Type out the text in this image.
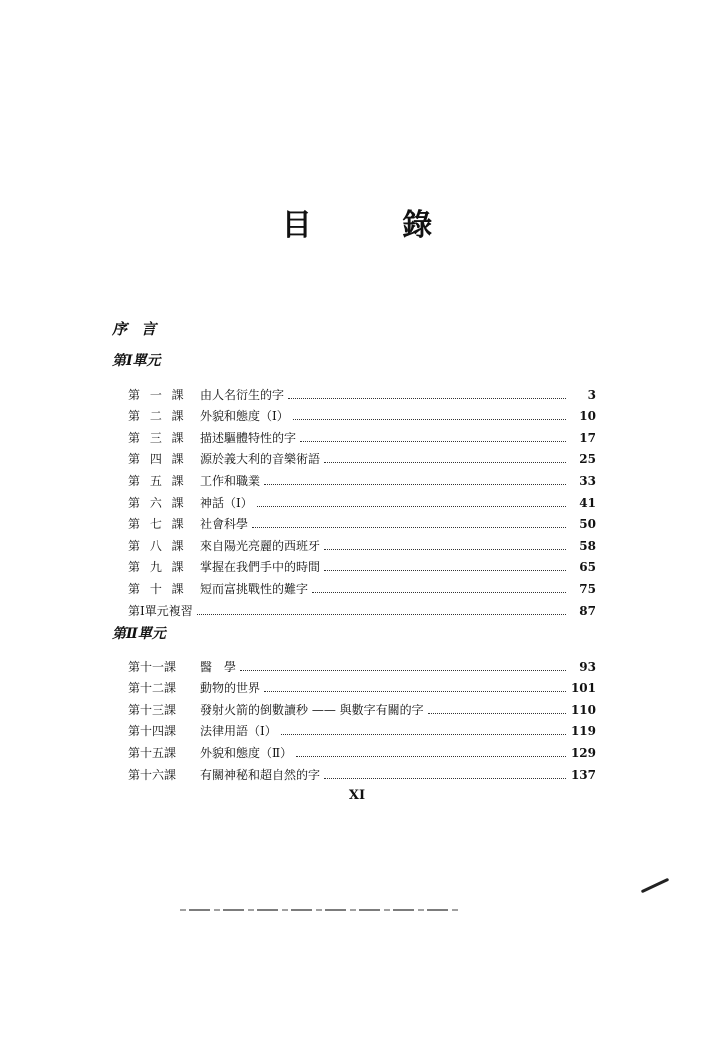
目 錄
序言
第Ⅰ單元
第 一 課	由人名衍生的字	3
第 二 課	外貌和態度（Ⅰ）	10
第 三 課	描述驅體特性的字	17
第 四 課	源於義大利的音樂術語	25
第 五 課	工作和職業	33
第 六 課	神話（Ⅰ）	41
第 七 課	社會科學	50
第 八 課	來自陽光亮麗的西班牙	58
第 九 課	掌握在我們手中的時間	65
第 十 課	短而富挑戰性的難字	75
第Ⅰ單元複習	87
第Ⅱ單元
第十一課	醫　學	93
第十二課	動物的世界	101
第十三課	發射火箭的倒數讀秒 —— 與數字有關的字	110
第十四課	法律用語（Ⅰ）	119
第十五課	外貌和態度（Ⅱ）	129
第十六課	有關神秘和超自然的字	137
XI
